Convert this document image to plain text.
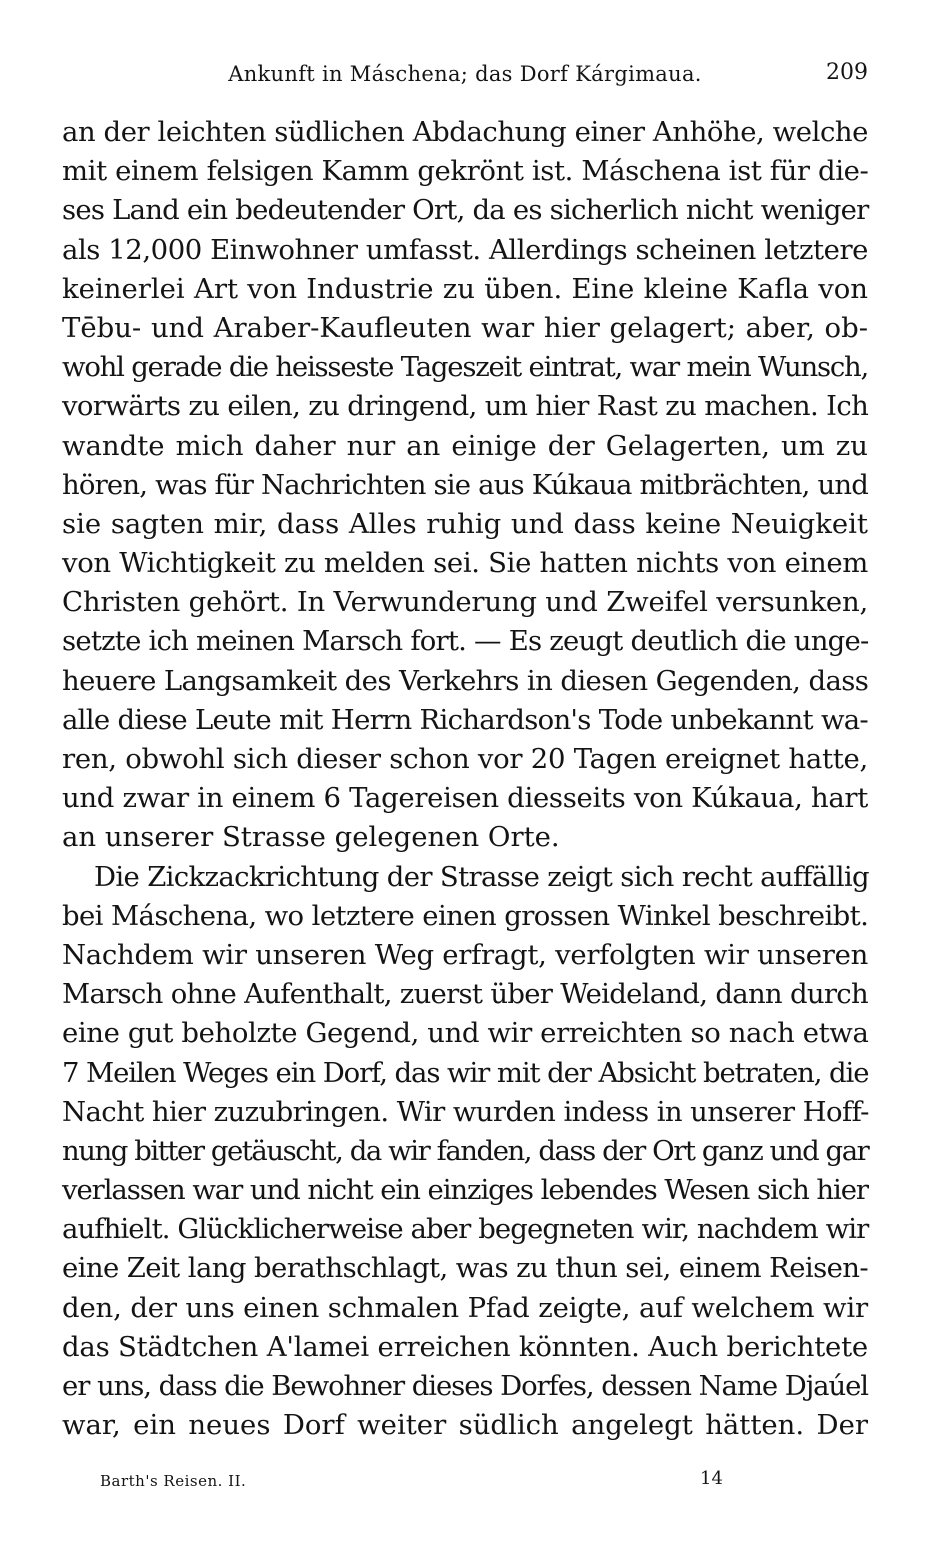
Ankunft in Máschena; das Dorf Kárgimaua.	209
an der leichten südlichen Abdachung einer Anhöhe, welche
mit einem felsigen Kamm gekrönt ist. Máschena ist für die-
ses Land ein bedeutender Ort, da es sicherlich nicht weniger
als 12,000 Einwohner umfasst. Allerdings scheinen letztere
keinerlei Art von Industrie zu üben. Eine kleine Kafla von
Tēbu- und Araber-Kaufleuten war hier gelagert; aber, ob-
wohl gerade die heisseste Tageszeit eintrat, war mein Wunsch,
vorwärts zu eilen, zu dringend, um hier Rast zu machen. Ich
wandte mich daher nur an einige der Gelagerten, um zu
hören, was für Nachrichten sie aus Kúkaua mitbrächten, und
sie sagten mir, dass Alles ruhig und dass keine Neuigkeit
von Wichtigkeit zu melden sei. Sie hatten nichts von einem
Christen gehört. In Verwunderung und Zweifel versunken,
setzte ich meinen Marsch fort. — Es zeugt deutlich die unge-
heuere Langsamkeit des Verkehrs in diesen Gegenden, dass
alle diese Leute mit Herrn Richardson's Tode unbekannt wa-
ren, obwohl sich dieser schon vor 20 Tagen ereignet hatte,
und zwar in einem 6 Tagereisen diesseits von Kúkaua, hart
an unserer Strasse gelegenen Orte.
Die Zickzackrichtung der Strasse zeigt sich recht auffällig
bei Máschena, wo letztere einen grossen Winkel beschreibt.
Nachdem wir unseren Weg erfragt, verfolgten wir unseren
Marsch ohne Aufenthalt, zuerst über Weideland, dann durch
eine gut beholzte Gegend, und wir erreichten so nach etwa
7 Meilen Weges ein Dorf, das wir mit der Absicht betraten, die
Nacht hier zuzubringen. Wir wurden indess in unserer Hoff-
nung bitter getäuscht, da wir fanden, dass der Ort ganz und gar
verlassen war und nicht ein einziges lebendes Wesen sich hier
aufhielt. Glücklicherweise aber begegneten wir, nachdem wir
eine Zeit lang berathschlagt, was zu thun sei, einem Reisen-
den, der uns einen schmalen Pfad zeigte, auf welchem wir
das Städtchen A'lamei erreichen könnten. Auch berichtete
er uns, dass die Bewohner dieses Dorfes, dessen Name Djaúel
war, ein neues Dorf weiter südlich angelegt hätten. Der
Barth's Reisen. II.	14
